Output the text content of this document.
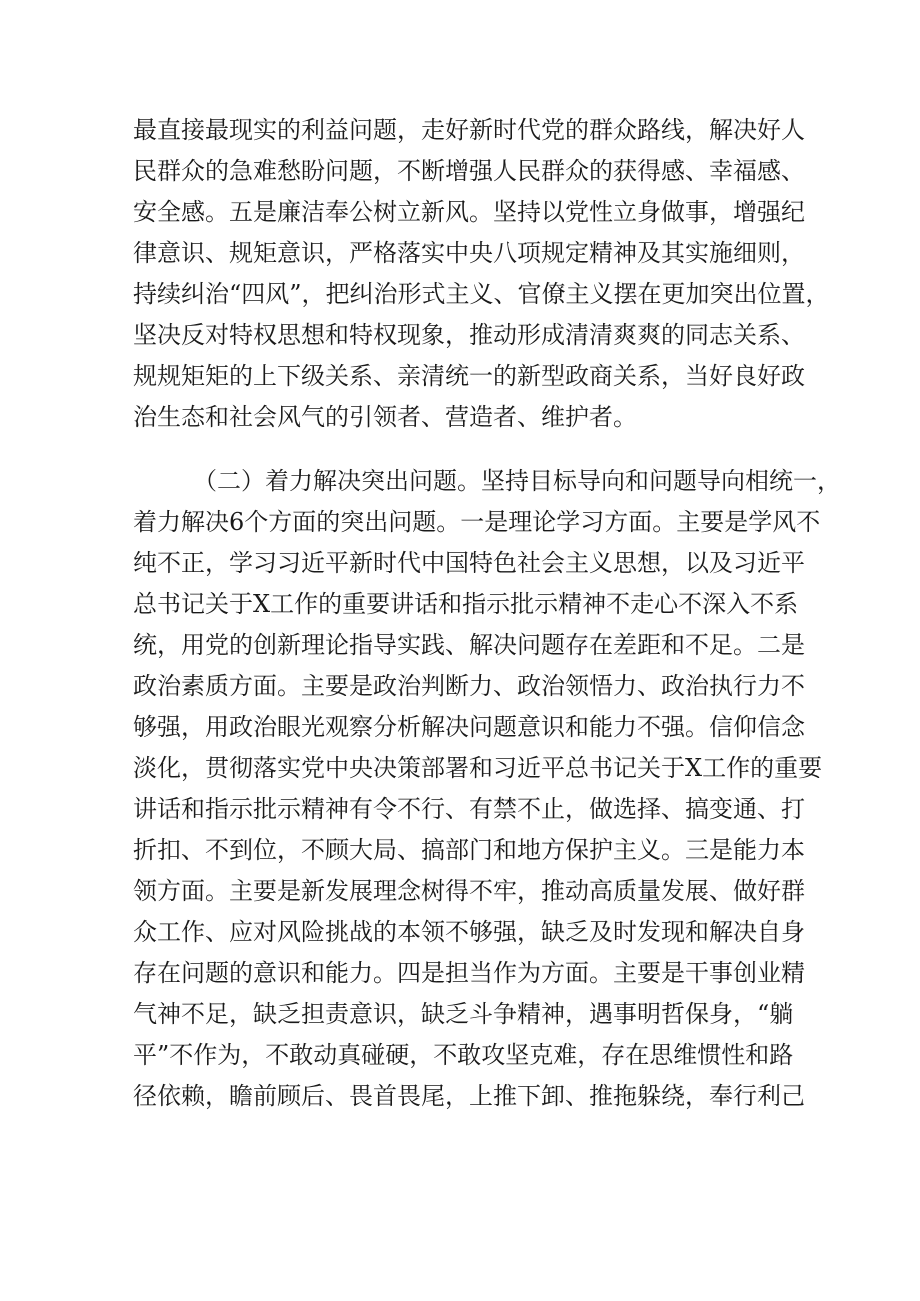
最直接最现实的利益问题，走好新时代党的群众路线，解决好人
民群众的急难愁盼问题，不断增强人民群众的获得感、幸福感、
安全感。五是廉洁奉公树立新风。坚持以党性立身做事，增强纪
律意识、规矩意识，严格落实中央八项规定精神及其实施细则，
持续纠治“四风”，把纠治形式主义、官僚主义摆在更加突出位置，
坚决反对特权思想和特权现象，推动形成清清爽爽的同志关系、
规规矩矩的上下级关系、亲清统一的新型政商关系，当好良好政
治生态和社会风气的引领者、营造者、维护者。
（二）着力解决突出问题。坚持目标导向和问题导向相统一，
着力解决6个方面的突出问题。一是理论学习方面。主要是学风不
纯不正，学习习近平新时代中国特色社会主义思想，以及习近平
总书记关于X工作的重要讲话和指示批示精神不走心不深入不系
统，用党的创新理论指导实践、解决问题存在差距和不足。二是
政治素质方面。主要是政治判断力、政治领悟力、政治执行力不
够强，用政治眼光观察分析解决问题意识和能力不强。信仰信念
淡化，贯彻落实党中央决策部署和习近平总书记关于X工作的重要
讲话和指示批示精神有令不行、有禁不止，做选择、搞变通、打
折扣、不到位，不顾大局、搞部门和地方保护主义。三是能力本
领方面。主要是新发展理念树得不牢，推动高质量发展、做好群
众工作、应对风险挑战的本领不够强，缺乏及时发现和解决自身
存在问题的意识和能力。四是担当作为方面。主要是干事创业精
气神不足，缺乏担责意识，缺乏斗争精神，遇事明哲保身，“躺
平”不作为，不敢动真碰硬，不敢攻坚克难，存在思维惯性和路
径依赖，瞻前顾后、畏首畏尾，上推下卸、推拖躲绕，奉行利己
